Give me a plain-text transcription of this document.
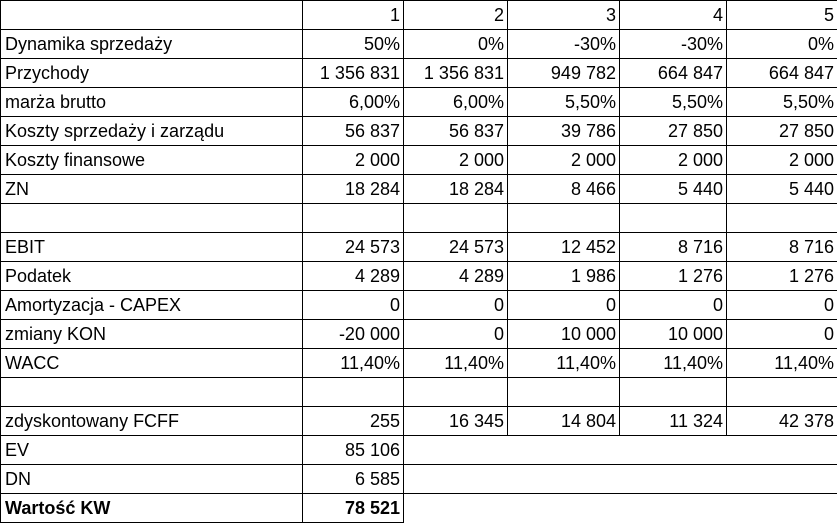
	1	2	3	4	5
Dynamika sprzedaży	50%	0%	-30%	-30%	0%
Przychody	1 356 831	1 356 831	949 782	664 847	664 847
marża brutto	6,00%	6,00%	5,50%	5,50%	5,50%
Koszty sprzedaży i zarządu	56 837	56 837	39 786	27 850	27 850
Koszty finansowe	2 000	2 000	2 000	2 000	2 000
ZN	18 284	18 284	8 466	5 440	5 440

EBIT	24 573	24 573	12 452	8 716	8 716
Podatek	4 289	4 289	1 986	1 276	1 276
Amortyzacja - CAPEX	0	0	0	0	0
zmiany KON	-20 000	0	10 000	10 000	0
WACC	11,40%	11,40%	11,40%	11,40%	11,40%

zdyskontowany FCFF	255	16 345	14 804	11 324	42 378
EV	85 106				
DN	6 585				
Wartość KW	78 521				
